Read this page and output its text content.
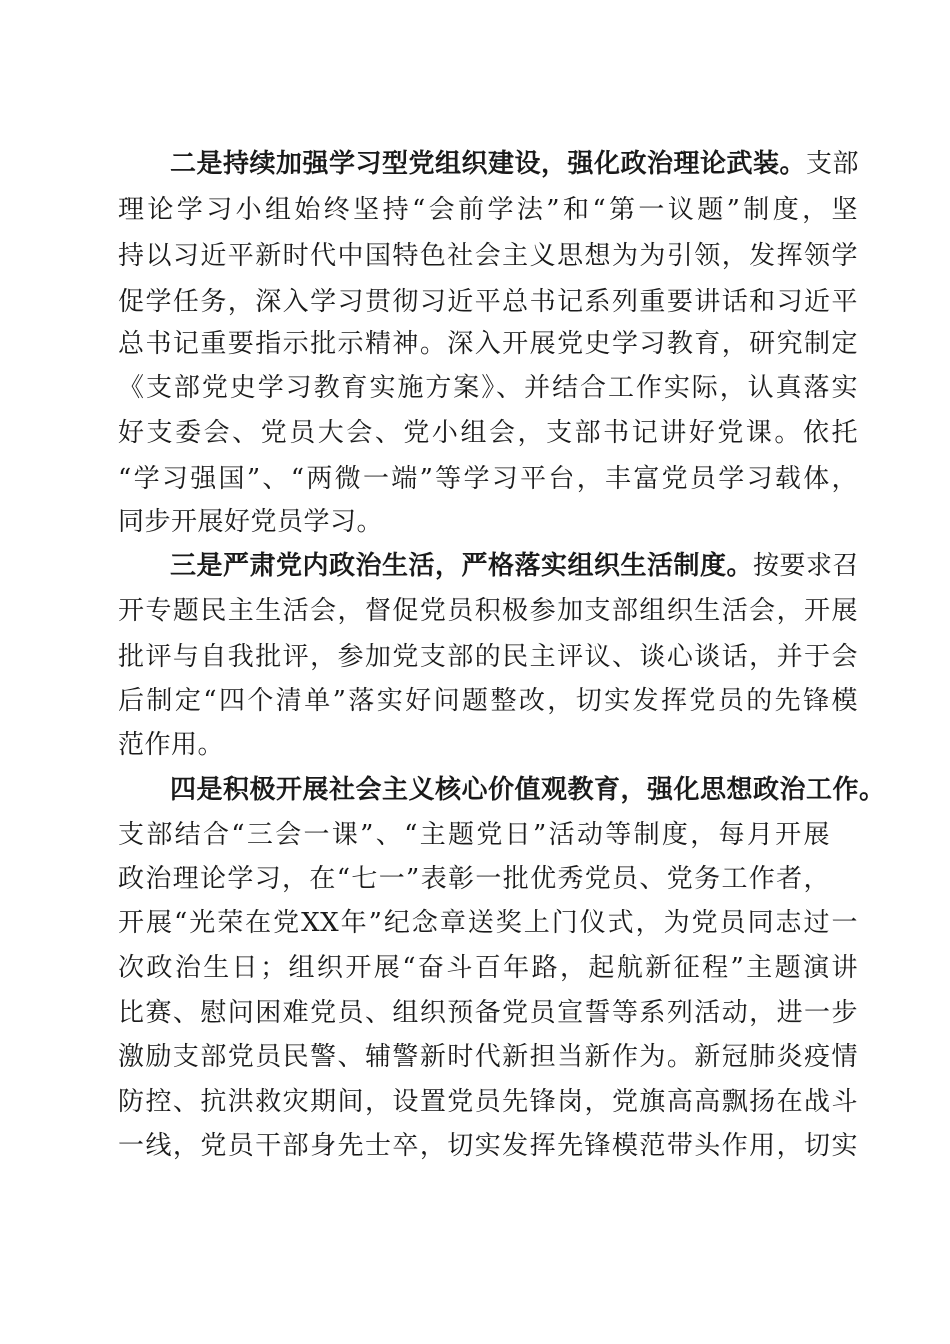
二是持续加强学习型党组织建设，强化政治理论武装。支部
理论学习小组始终坚持“会前学法”和“第一议题”制度，坚
持以习近平新时代中国特色社会主义思想为为引领，发挥领学
促学任务，深入学习贯彻习近平总书记系列重要讲话和习近平
总书记重要指示批示精神。深入开展党史学习教育，研究制定
《支部党史学习教育实施方案》、并结合工作实际，认真落实
好支委会、党员大会、党小组会，支部书记讲好党课。依托
“学习强国”、“两微一端”等学习平台，丰富党员学习载体，
同步开展好党员学习。
三是严肃党内政治生活，严格落实组织生活制度。按要求召
开专题民主生活会，督促党员积极参加支部组织生活会，开展
批评与自我批评，参加党支部的民主评议、谈心谈话，并于会
后制定“四个清单”落实好问题整改，切实发挥党员的先锋模
范作用。
四是积极开展社会主义核心价值观教育，强化思想政治工作。
支部结合“三会一课”、“主题党日”活动等制度，每月开展
政治理论学习，在“七一”表彰一批优秀党员、党务工作者，
开展“光荣在党XX年”纪念章送奖上门仪式，为党员同志过一
次政治生日；组织开展“奋斗百年路，起航新征程”主题演讲
比赛、慰问困难党员、组织预备党员宣誓等系列活动，进一步
激励支部党员民警、辅警新时代新担当新作为。新冠肺炎疫情
防控、抗洪救灾期间，设置党员先锋岗，党旗高高飘扬在战斗
一线，党员干部身先士卒，切实发挥先锋模范带头作用，切实
